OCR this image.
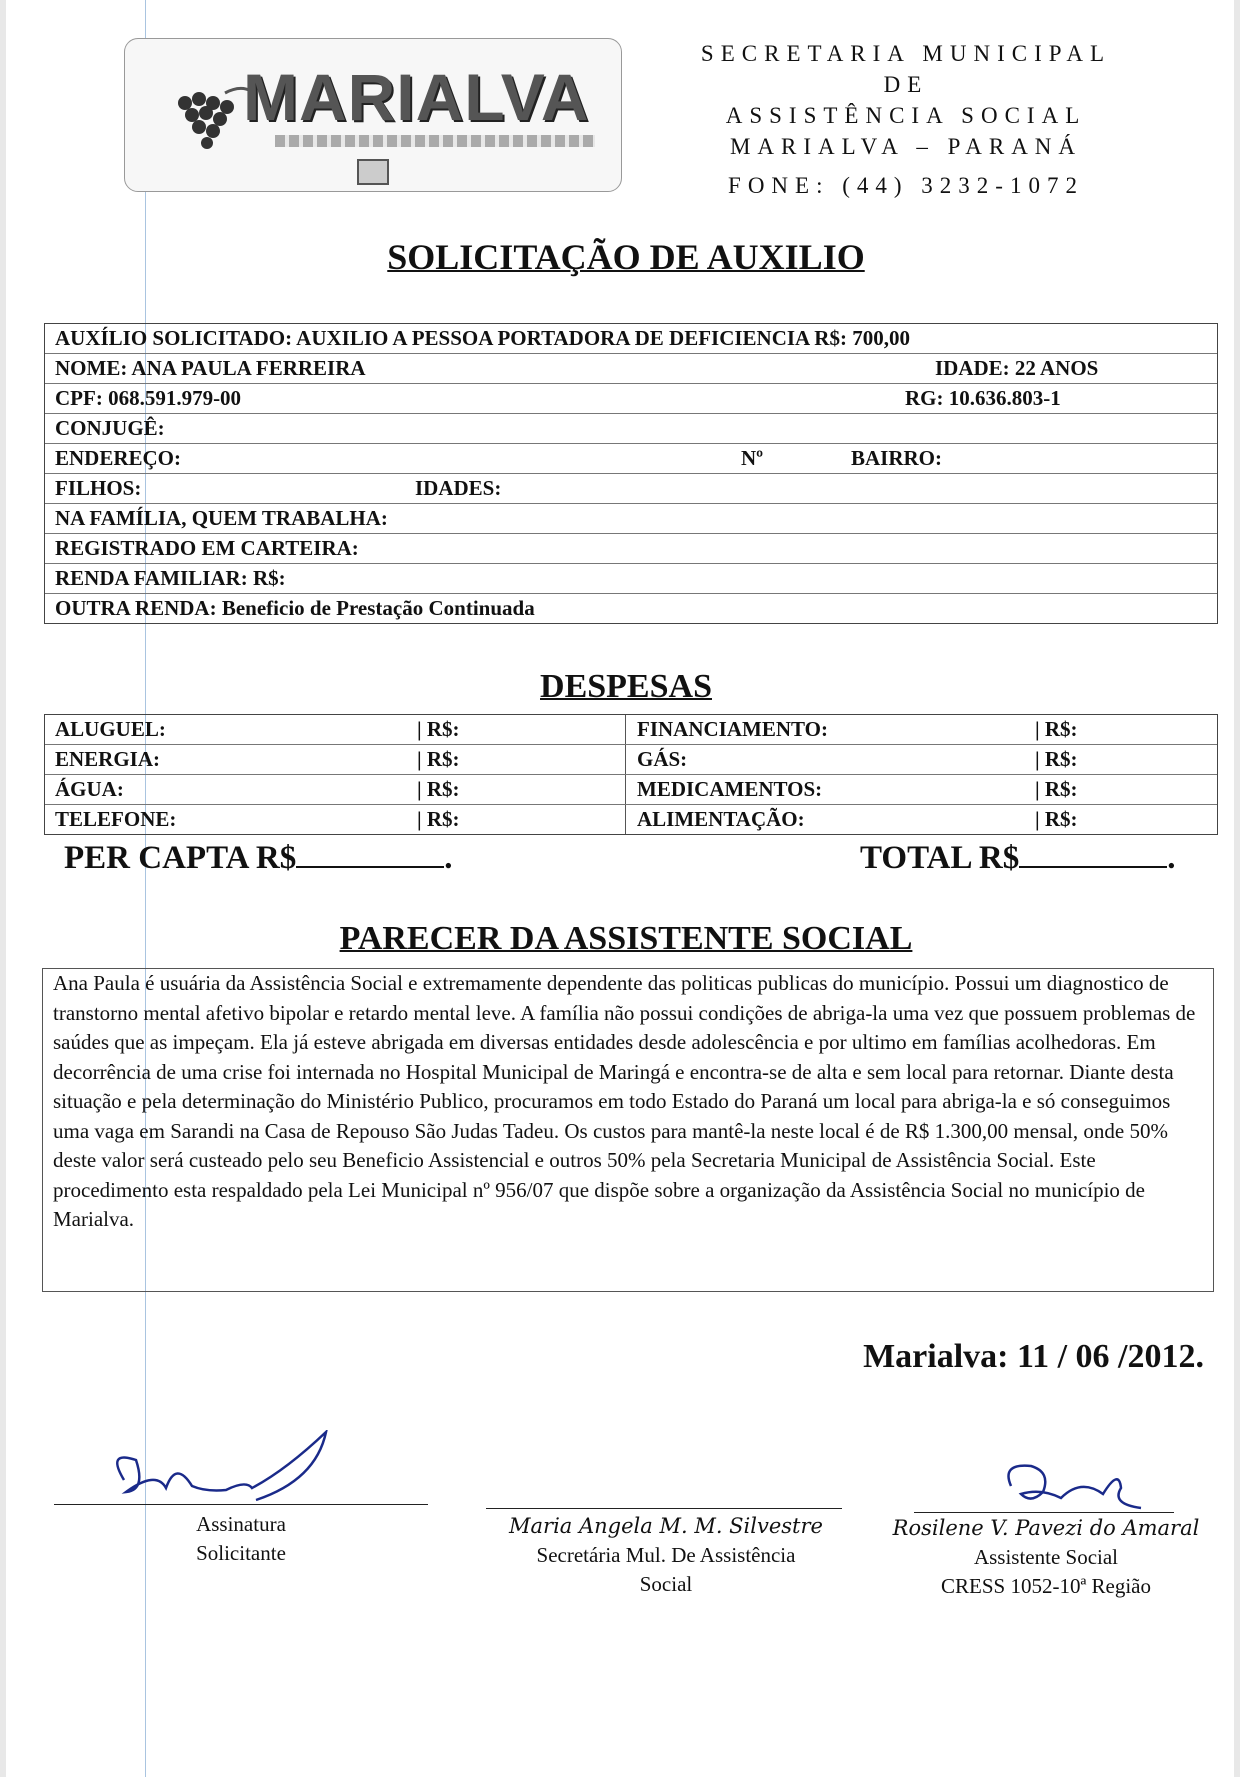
MARIALVA
SECRETARIA MUNICIPAL
DE
ASSISTÊNCIA SOCIAL
MARIALVA – PARANÁ
FONE: (44) 3232-1072
SOLICITAÇÃO DE AUXILIO
AUXÍLIO SOLICITADO: AUXILIO A PESSOA PORTADORA DE DEFICIENCIA R$: 700,00
NOME: ANA PAULA FERREIRA	IDADE: 22 ANOS
CPF: 068.591.979-00	RG: 10.636.803-1
CONJUGÊ:
ENDEREÇO:	Nº	BAIRRO:
FILHOS:	IDADES:
NA FAMÍLIA, QUEM TRABALHA:
REGISTRADO EM CARTEIRA:
RENDA FAMILIAR: R$:
OUTRA RENDA: Beneficio de Prestação Continuada
DESPESAS
ALUGUEL:	| R$:	FINANCIAMENTO:	| R$:
ENERGIA:	| R$:	GÁS:	| R$:
ÁGUA:	| R$:	MEDICAMENTOS:	| R$:
TELEFONE:	| R$:	ALIMENTAÇÃO:	| R$:
PER CAPTA R$	.	TOTAL R$	.
PARECER DA ASSISTENTE SOCIAL

Ana Paula é usuária da Assistência Social e extremamente dependente das politicas publicas do município. Possui um diagnostico de transtorno mental afetivo bipolar e retardo mental leve. A família não possui condições de abriga-la uma vez que possuem problemas de saúdes que as impeçam. Ela já esteve abrigada em diversas entidades desde adolescência e por ultimo em famílias acolhedoras. Em decorrência de uma crise foi internada no Hospital Municipal de Maringá e encontra-se de alta e sem local para retornar. Diante desta situação e pela determinação do Ministério Publico, procuramos em todo Estado do Paraná um local para abriga-la e só conseguimos uma vaga em Sarandi na Casa de Repouso São Judas Tadeu. Os custos para mantê-la neste local é de R$ 1.300,00 mensal, onde 50% deste valor será custeado pelo seu Beneficio Assistencial e outros 50% pela Secretaria Municipal de Assistência Social. Este procedimento esta respaldado pela Lei Municipal nº 956/07 que dispõe sobre a organização da Assistência Social no município de Marialva.

Marialva: 11 / 06 /2012.
Assinatura
Solicitante
Maria Angela M. M. Silvestre
Secretária Mul. De Assistência
Social
Rosilene V. Pavezi do Amaral
Assistente Social
CRESS 1052-10ª Região
